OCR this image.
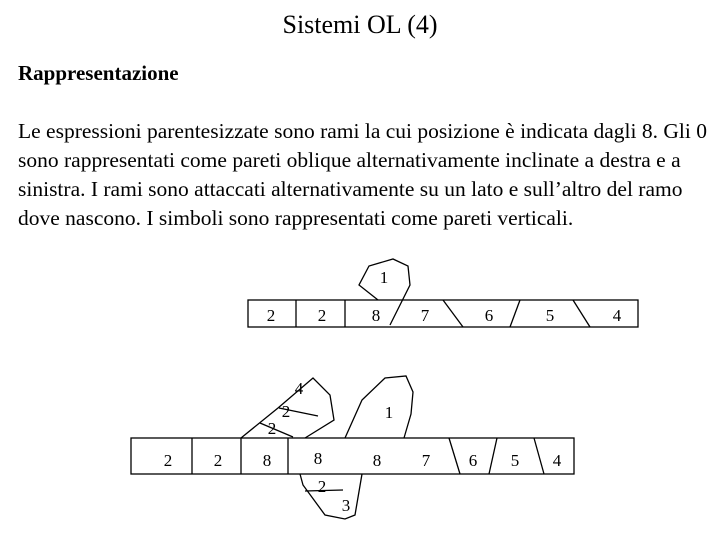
Sistemi OL (4)
Rappresentazione
Le espressioni parentesizzate sono rami la cui posizione è indicata dagli 8. Gli 0 sono rappresentati come pareti oblique alternativamente inclinate a destra e a sinistra. I rami sono attaccati alternativamente su un lato e sull’altro del ramo dove nascono. I simboli sono rappresentati come pareti verticali.
2	2	8 7	6	5	4
1
2 2 8	8	8 7 6 5 4
4
2
2
1
2
3
